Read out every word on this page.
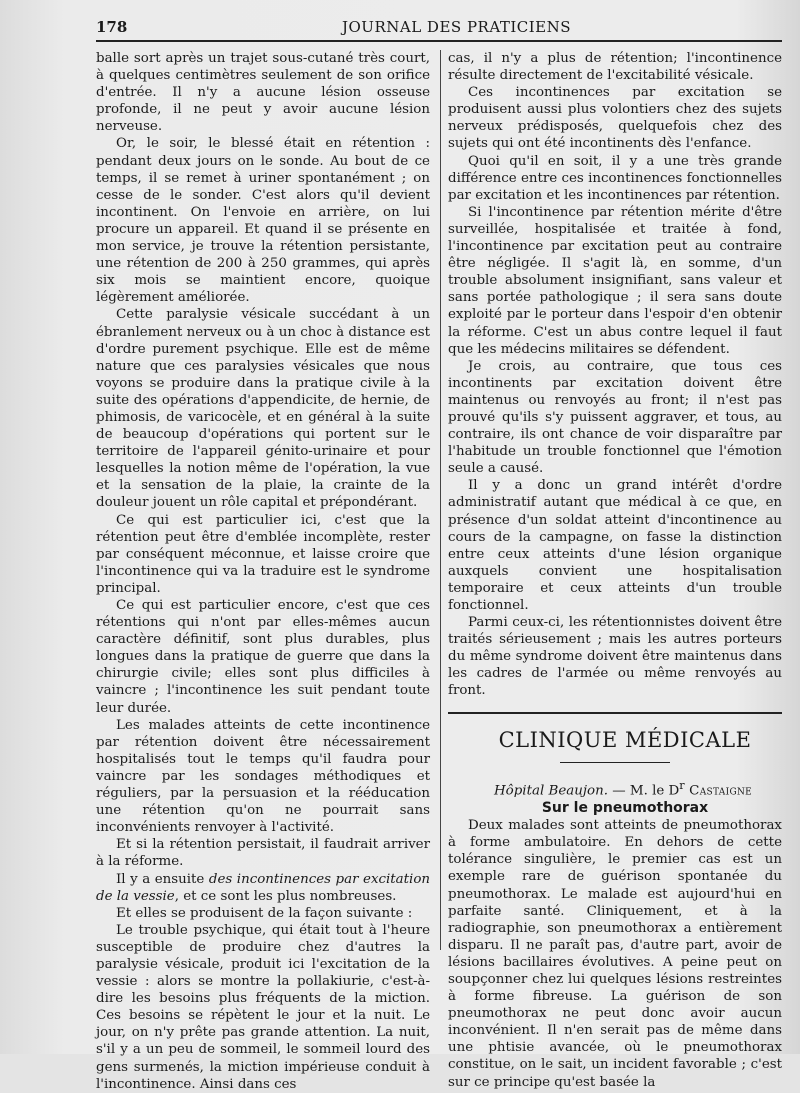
178	JOURNAL DES PRATICIENS

balle sort après un trajet sous-cutané très court, à quelques centimètres seulement de son orifice d'entrée. Il n'y a aucune lésion osseuse profonde, il ne peut y avoir aucune lésion nerveuse.

Or, le soir, le blessé était en rétention : pendant deux jours on le sonde. Au bout de ce temps, il se remet à uriner spontanément ; on cesse de le sonder. C'est alors qu'il devient incontinent. On l'envoie en arrière, on lui procure un appareil. Et quand il se présente en mon service, je trouve la rétention persistante, une rétention de 200 à 250 grammes, qui après six mois se maintient encore, quoique légèrement améliorée.

Cette paralysie vésicale succédant à un ébranlement nerveux ou à un choc à distance est d'ordre purement psychique. Elle est de même nature que ces paralysies vésicales que nous voyons se produire dans la pratique civile à la suite des opérations d'appendicite, de hernie, de phimosis, de varicocèle, et en général à la suite de beaucoup d'opérations qui portent sur le territoire de l'appareil génito-urinaire et pour lesquelles la notion même de l'opération, la vue et la sensation de la plaie, la crainte de la douleur jouent un rôle capital et prépondérant.

Ce qui est particulier ici, c'est que la rétention peut être d'emblée incomplète, rester par conséquent méconnue, et laisse croire que l'incontinence qui va la traduire est le syndrome principal.

Ce qui est particulier encore, c'est que ces rétentions qui n'ont par elles-mêmes aucun caractère définitif, sont plus durables, plus longues dans la pratique de guerre que dans la chirurgie civile; elles sont plus difficiles à vaincre ; l'incontinence les suit pendant toute leur durée.

Les malades atteints de cette incontinence par rétention doivent être nécessairement hospitalisés tout le temps qu'il faudra pour vaincre par les sondages méthodiques et réguliers, par la persuasion et la rééducation une rétention qu'on ne pourrait sans inconvénients renvoyer à l'activité.

Et si la rétention persistait, il faudrait arriver à la réforme.

Il y a ensuite des incontinences par excitation de la vessie, et ce sont les plus nombreuses.

Et elles se produisent de la façon suivante :

Le trouble psychique, qui était tout à l'heure susceptible de produire chez d'autres la paralysie vésicale, produit ici l'excitation de la vessie : alors se montre la pollakiurie, c'est-à-dire les besoins plus fréquents de la miction. Ces besoins se répètent le jour et la nuit. Le jour, on n'y prête pas grande attention. La nuit, s'il y a un peu de sommeil, le sommeil lourd des gens surmenés, la miction impérieuse conduit à l'incontinence. Ainsi dans ces

cas, il n'y a plus de rétention; l'incontinence résulte directement de l'excitabilité vésicale.

Ces incontinences par excitation se produisent aussi plus volontiers chez des sujets nerveux prédisposés, quelquefois chez des sujets qui ont été incontinents dès l'enfance.

Quoi qu'il en soit, il y a une très grande différence entre ces incontinences fonctionnelles par excitation et les incontinences par rétention.

Si l'incontinence par rétention mérite d'être surveillée, hospitalisée et traitée à fond, l'incontinence par excitation peut au contraire être négligée. Il s'agit là, en somme, d'un trouble absolument insignifiant, sans valeur et sans portée pathologique ; il sera sans doute exploité par le porteur dans l'espoir d'en obtenir la réforme. C'est un abus contre lequel il faut que les médecins militaires se défendent.

Je crois, au contraire, que tous ces incontinents par excitation doivent être maintenus ou renvoyés au front; il n'est pas prouvé qu'ils s'y puissent aggraver, et tous, au contraire, ils ont chance de voir disparaître par l'habitude un trouble fonctionnel que l'émotion seule a causé.

Il y a donc un grand intérêt d'ordre administratif autant que médical à ce que, en présence d'un soldat atteint d'incontinence au cours de la campagne, on fasse la distinction entre ceux atteints d'une lésion organique auxquels convient une hospitalisation temporaire et ceux atteints d'un trouble fonctionnel.

Parmi ceux-ci, les rétentionnistes doivent être traités sérieusement ; mais les autres porteurs du même syndrome doivent être maintenus dans les cadres de l'armée ou même renvoyés au front.

CLINIQUE MÉDICALE

Hôpital Beaujon. — M. le $D^r$ Castaigne

Sur le pneumothorax

Deux malades sont atteints de pneumothorax à forme ambulatoire. En dehors de cette tolérance singulière, le premier cas est un exemple rare de guérison spontanée du pneumothorax. Le malade est aujourd'hui en parfaite santé. Cliniquement, et à la radiographie, son pneumothorax a entièrement disparu. Il ne paraît pas, d'autre part, avoir de lésions bacillaires évolutives. A peine peut on soupçonner chez lui quelques lésions restreintes à forme fibreuse. La guérison de son pneumothorax ne peut donc avoir aucun inconvénient. Il n'en serait pas de même dans une phtisie avancée, où le pneumothorax constitue, on le sait, un incident favorable ; c'est sur ce principe qu'est basée la
